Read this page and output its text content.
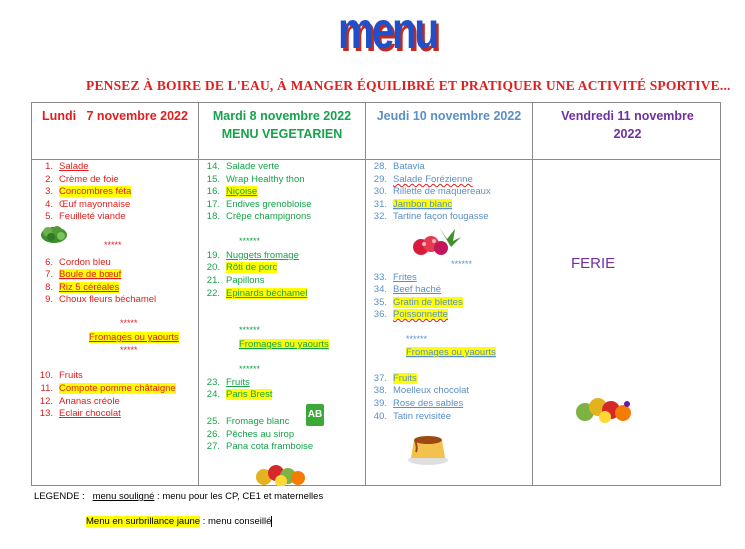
menu
PENSEZ À BOIRE DE L'EAU, À MANGER ÉQUILIBRÉ ET PRATIQUER UNE ACTIVITÉ SPORTIVE...
Lundi   7 novembre 2022	Mardi 8 novembre 2022
MENU VEGETARIEN
Jeudi 10 novembre 2022	Vendredi 11 novembre
2022
1. Salade
2. Crème de foie
3. Concombres féta
4. Œuf mayonnaise
5. Feuilleté viande
*****
6. Cordon bleu
7. Boule de bœuf
8. Riz 5 céréales
9. Choux fleurs béchamel
*****
Fromages ou yaourts
*****
10. Fruits
11. Compote pomme châtaigne
12. Ananas créole
13. Eclair chocolat
14. Salade verte
15. Wrap Healthy thon
16. Niçoise
17. Endives grenobloise
18. Crêpe champignons
******
19. Nuggets fromage
20. Rôti de porc
21. Papillons
22. Epinards béchamel
******
Fromages ou yaourts
******
23. Fruits
24. Paris Brest
25. Fromage blanc
26. Pêches au sirop
27. Pana cota framboise
AB
28. Batavia
29. Salade Forézienne
30. Rillette de maquereaux
31. Jambon blanc
32. Tartine façon fougasse
******
33. Frites
34. Beef haché
35. Gratin de blettes
36. Poissonnette
******
Fromages ou yaourts
37. Fruits
38. Moelleux chocolat
39. Rose des sables
40. Tatin revisitée
FERIE
LEGENDE : menu souligné : menu pour les CP, CE1 et maternelles
Menu en surbrillance jaune : menu conseillé
